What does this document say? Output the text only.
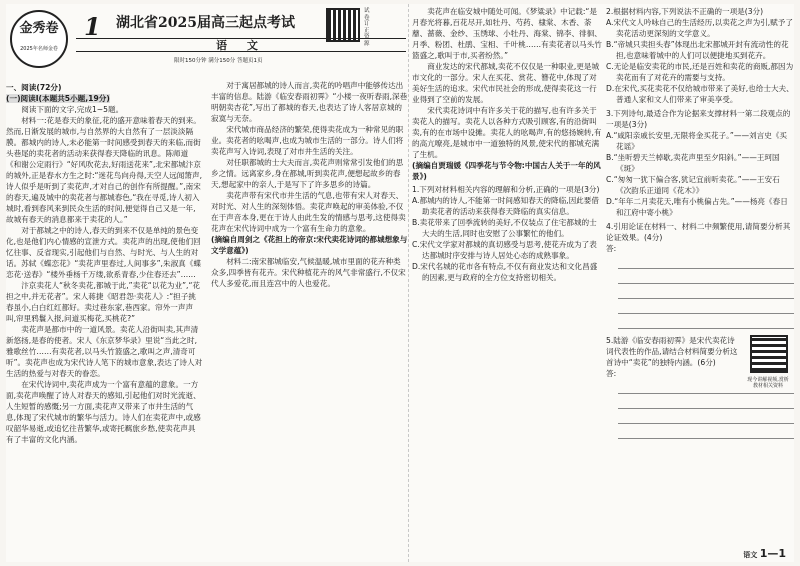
金秀卷
2025年名师金卷
1 湖北省2025届高三起点考试
试卷订正资源
语 文
限时150分钟 满分150分 答题页1页
一、阅读(72分)
(一)阅读Ⅰ(本题共5小题,19分)

阅读下面的文字,完成1~5题。

材料一:花是春天的象征,花的盛开意味着春天的到来。然而,日渐发展的城市,与自然界的大自然有了一层淡淡隔膜。都城内的诗人,未必能第一时间感受到春天的来临,而街头巷尾的卖花者的活动来获得春天降临的讯息。陈师道《和谢公定雨行》“好风吹花去,好雨送花来”,北宋都城汴京的城外,正是春水方生之时:“迷花鸟向舟得,天空人远闻箫声,诗人似乎是听到了卖花声,才对自己的创作有所提醒。”,南宋的春天,遍及城中的卖花者与都城春色,“我在寻觅,诗人初入城时,看到春风来到民众生活的时间,便觉得自己又是一年,故城有春天的消息都来于卖花的人。”

对于都城之中的诗人,春天的到来不仅是单纯的景色变化,也是他们内心情感的宣泄方式。卖花声的出现,使他们回忆往事、反省现实,引起他们与自然、与时光、与人生的对话。苏轼《蝶恋花》“卖花声里春过,人间事多”,朱淑真《蝶恋花·送春》“楼外垂杨千万缕,欲系青春,少住春还去”……

汴京卖花人“秋冬卖花,都城于此,”卖花“以花为业”,“花担之中,并无花者”。宋人蒋捷《昭君怨·卖花人》:“担子挑春虽小,白白红红都好。卖过巷东家,巷西家。帘外一声声叫,帘里鸦鬟入报,问道买梅花,买桃花?”

卖花声是都市中的一道风景。卖花人沿街叫卖,其声清新悠扬,是春的使者。宋人《东京梦华录》里说“当此之时,雅歌丝竹……有卖花者,以马头竹篮盛之,歌叫之声,清奇可听”。卖花声也成为宋代诗人笔下的城市意象,表达了诗人对生活的热爱与对春天的眷恋。

在宋代诗词中,卖花声成为一个富有意蕴的意象。一方面,卖花声唤醒了诗人对春天的感知,引起他们对时光流逝、人生短暂的感慨;另一方面,卖花声又带来了市井生活的气息,体现了宋代城市的繁华与活力。诗人们在卖花声中,或感叹韶华易逝,或追忆往昔繁华,或寄托羁旅乡愁,使卖花声具有了丰富的文化内涵。

对于寓居都城的诗人而言,卖花的吟唱声中能够传达出丰富的信息。陆游《临安春雨初霁》“小楼一夜听春雨,深巷明朝卖杏花”,写出了都城的春天,也表达了诗人客居京城的寂寞与无奈。

宋代城市商品经济的繁荣,使得卖花成为一种常见的职业。卖花者的吆喝声,也成为城市生活的一部分。诗人们将卖花声写入诗词,表现了对市井生活的关注。

对任职都城的士大夫而言,卖花声则常常引发他们的思乡之情。远离家乡,身在都城,听到卖花声,便想起故乡的春天,想起家中的亲人,于是写下了许多思乡的诗篇。

卖花声带有宋代市井生活的气息,也带有宋人对春天、对时光、对人生的深刻体悟。卖花声唤起的审美体验,不仅在于声音本身,更在于诗人由此生发的情感与思考,这使得卖花声在宋代诗词中成为一个富有生命力的意象。

(摘编自周剑之《花担上的帝京:宋代卖花诗词的都城想象与文学意蕴》)

材料二:南宋都城临安,气候温暖,城市里面的花卉种类众多,四季皆有花卉。宋代种植花卉的风气非常盛行,不仅宋代人多爱花,而且连宫中的人也爱花。

卖花声在临安城中随处可闻。《梦粱录》中记载:“是月春光将暮,百花尽开,如牡丹、芍药、棣棠、木香、荼蘼、蔷薇、金纱、玉绣球、小牡丹、海棠、锦李、徘徊、月季、粉团、杜鹃、宝相、千叶桃……有卖花者以马头竹篮盛之,歌叫于市,买者纷然。”

商业发达的宋代都城,卖花不仅仅是一种职业,更是城市文化的一部分。宋人在买花、赏花、簪花中,体现了对美好生活的追求。宋代市民社会的形成,使得卖花这一行业得到了空前的发展。

宋代卖花诗词中有许多关于花的描写,也有许多关于卖花人的描写。卖花人以各种方式吸引顾客,有的沿街叫卖,有的在市场中设摊。卖花人的吆喝声,有的悠扬婉转,有的高亢嘹亮,是城市中一道独特的风景,使宋代的都城充满了生机。

(摘编自贾瑞媛《四季花与节令物:中国古人关于一年的风景》)
1.下列对材料相关内容的理解和分析,正确的一项是(3分)
A.都城内的诗人,不能第一时间感知春天的降临,因此要借助卖花者的活动来获得春天降临的真实信息。
B.卖花带来了回季流转的美好,不仅装点了住宅都城的士大夫的生活,同时也安慰了公事繁忙的他们。
C.宋代文学家对都城的真切感受与思考,使花卉成为了表达都城时序安排与诗人居处心态的成熟事象。
D.宋代名城的花市各有特点,不仅有商业发达和文化昌盛的因素,更与政府的全方位支持密切相关。
2.根据材料内容,下列说法不正确的一项是(3分)
A.宋代文人吟咏自己的生活经历,以卖花之声为引,赋予了卖花活动更深刻的文学意义。
B.“帝城只卖担头春”体现出北宋都城开封有流动性的花担,也意味着城中的人们可以便捷地买到花卉。
C.无论是临安卖花的市民,还是百姓和卖花的商贩,都因为卖花而有了对花卉的需要与支持。
D.在宋代,买花卖花不仅给城市带来了美好,也给士大夫、普通人家和文人们带来了审美享受。
3.下列诗句,最适合作为论据来支撑材料一第二段观点的一项是(3分)
A.“咸阳亲戚长安里,无限将金买花子。”——刘言史《买花谣》
B.“坐听碧天兰棹歇,卖花声里至夕阳斜。”——王珂国《斑》
C.“匆匆一犹下偏合客,犹记宜前听卖花。”——王安石《次韵乐正道同《花木》》
D.“年年二月卖花天,唯有小桃偏占先。”——杨亮《春日和江府中寄小桃》
4.引用论证在材料一、材料二中频繁使用,请简要分析其论证效果。(4分)
答:
5.陆游《临安春雨初霁》是宋代卖花诗词代表性的作品,请结合材料简要分析这首诗中“卖花”的独特内涵。(6分)
现今讲解视频,赏析教材相关资料
答:
语文 1—1
